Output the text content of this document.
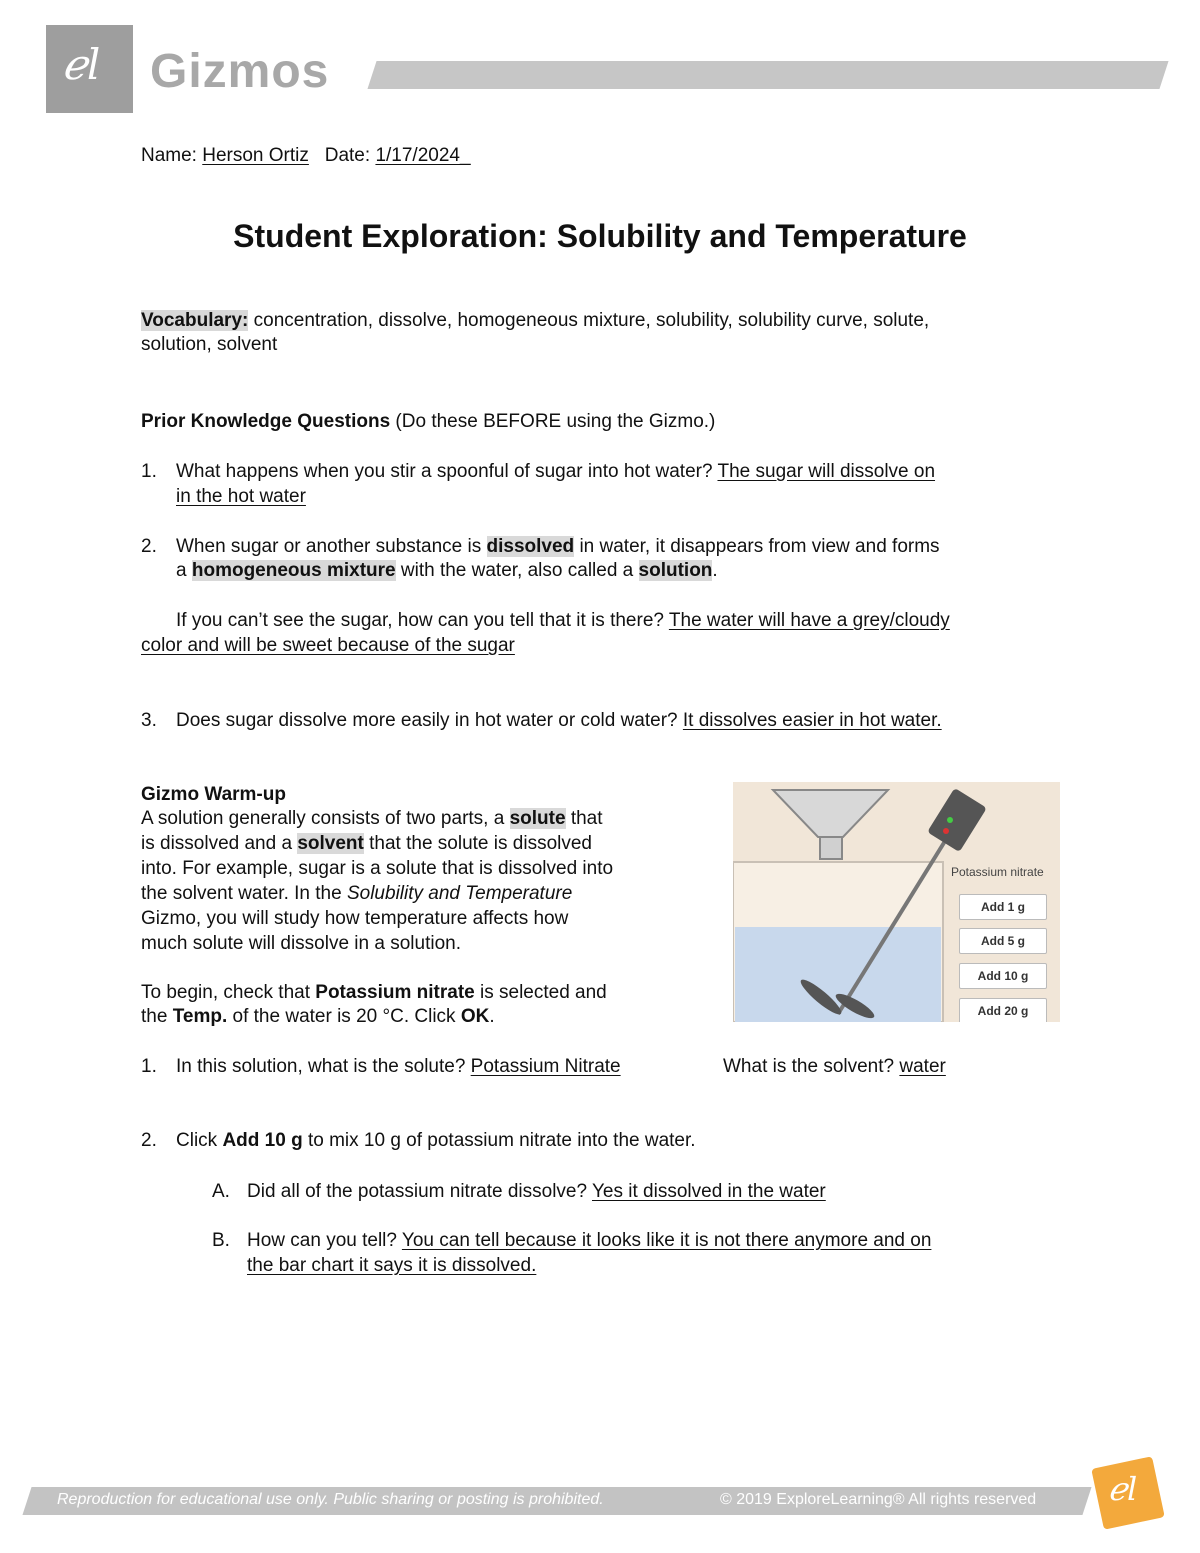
ℯl Gizmos
Name: Herson Ortiz Date: 1/17/2024_
Student Exploration: Solubility and Temperature
Vocabulary: concentration, dissolve, homogeneous mixture, solubility, solubility curve, solute,
solution, solvent
Prior Knowledge Questions (Do these BEFORE using the Gizmo.)
1. What happens when you stir a spoonful of sugar into hot water? The sugar will dissolve on
in the hot water
2. When sugar or another substance is dissolved in water, it disappears from view and forms
a homogeneous mixture with the water, also called a solution.
If you can’t see the sugar, how can you tell that it is there? The water will have a grey/cloudy
color and will be sweet because of the sugar
3. Does sugar dissolve more easily in hot water or cold water? It dissolves easier in hot water.
Gizmo Warm-up
A solution generally consists of two parts, a solute that
is dissolved and a solvent that the solute is dissolved
into. For example, sugar is a solute that is dissolved into
the solvent water. In the Solubility and Temperature
Gizmo, you will study how temperature affects how
much solute will dissolve in a solution.
To begin, check that Potassium nitrate is selected and
the Temp. of the water is 20 °C. Click OK.
Potassium nitrate
Add 1 g
Add 5 g
Add 10 g
Add 20 g
1. In this solution, what is the solute? Potassium Nitrate	What is the solvent? water
2. Click Add 10 g to mix 10 g of potassium nitrate into the water.
A. Did all of the potassium nitrate dissolve? Yes it dissolved in the water
B. How can you tell? You can tell because it looks like it is not there anymore and on
the bar chart it says it is dissolved.
Reproduction for educational use only. Public sharing or posting is prohibited.	© 2019 ExploreLearning® All rights reserved ℯl
